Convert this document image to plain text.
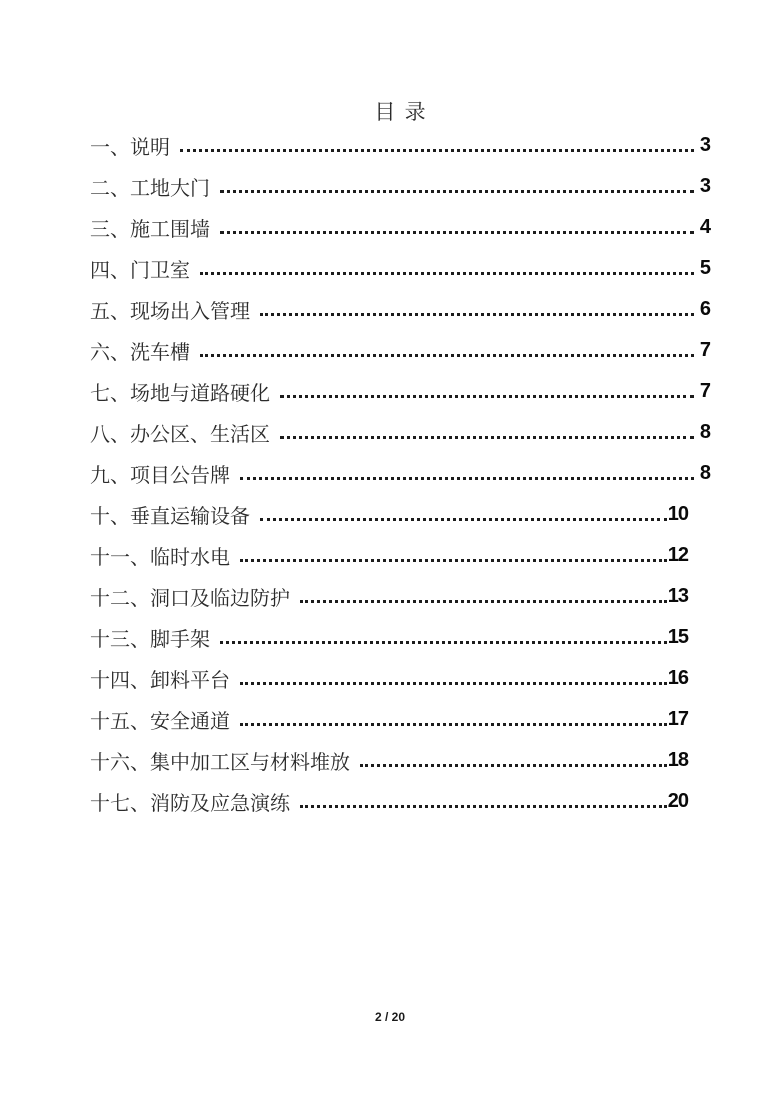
目 录
一、说明	3
二、工地大门	3
三、施工围墙	4
四、门卫室	5
五、现场出入管理	6
六、洗车槽	7
七、场地与道路硬化	7
八、办公区、生活区	8
九、项目公告牌	8
十、垂直运输设备	10
十一、临时水电	12
十二、洞口及临边防护	13
十三、脚手架	15
十四、卸料平台	16
十五、安全通道	17
十六、集中加工区与材料堆放	18
十七、消防及应急演练	20
2 / 20
